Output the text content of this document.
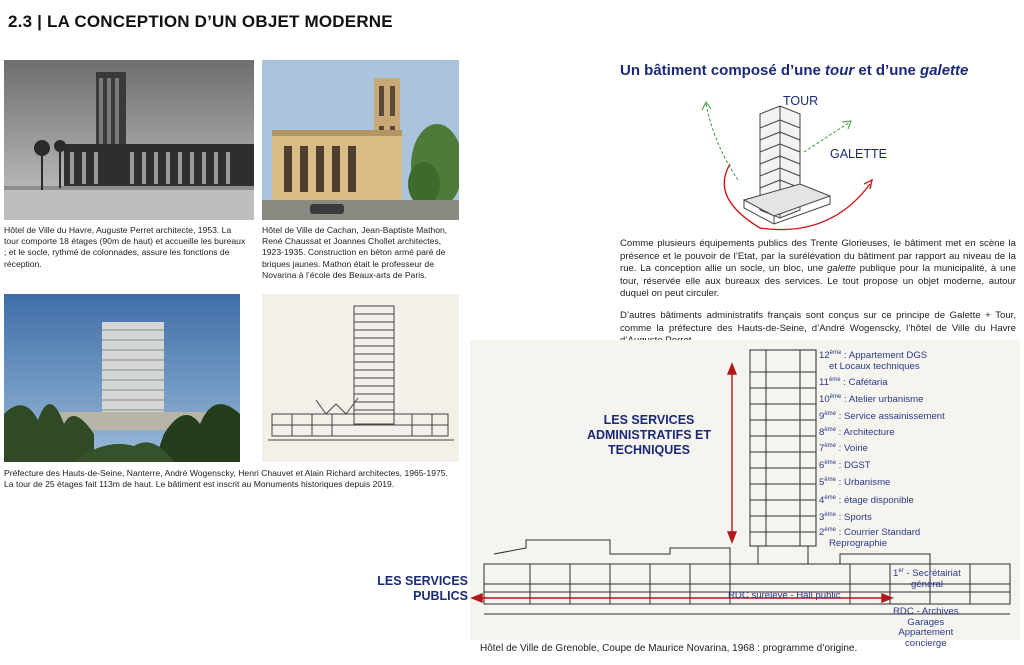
2.3 | LA CONCEPTION D’UN OBJET MODERNE
Hôtel de Ville du Havre, Auguste Perret architecte, 1953. La tour comporte 18 étages (90m de haut) et accueille les bureaux ; et le socle, rythmé de colonnades, assure les fonctions de réception.
Hôtel de Ville de Cachan, Jean-Baptiste Mathon, René Chaussat et Joannes Chollet architectes, 1923-1935. Construction en béton armé paré de briques jaunes. Mathon était le professeur de Novarina à l’école des Beaux-arts de Paris.
Préfecture des Hauts-de-Seine, Nanterre, André Wogenscky, Henri Chauvet et Alain Richard architectes, 1965-1975. La tour de 25 étages fait 113m de haut. Le bâtiment est inscrit au Monuments historiques depuis 2019.
Un bâtiment composé d’une tour et d’une galette
TOUR
GALETTE
Comme plusieurs équipements publics des Trente Glorieuses, le bâtiment met en scène la présence et le pouvoir de l’Etat, par la surélévation du bâtiment par rapport au niveau de la rue. La conception allie un socle, un bloc, une galette publique pour la municipalité, à une tour, réservée elle aux bureaux des services. Le tout propose un objet moderne, autour duquel on peut circuler.
D’autres bâtiments administratifs français sont conçus sur ce principe de Galette + Tour, comme la préfecture des Hauts-de-Seine, d’André Wogenscky, l’hôtel de Ville du Havre
LES SERVICES
ADMINISTRATIFS ET
TECHNIQUES
LES SERVICES
PUBLICS
12ème : Appartement DGS
et Locaux techniques
11ème : Cafétaria
10ème : Atelier urbanisme
9ème : Service assainissement
8ème : Architecture
7ème : Voirie
6ème : DGST
5ème : Urbanisme
4ème : étage disponible
3ème : Sports
2ème : Courrier Standard
Reprographie
1er - Secrétairiat
général
RDC surélevé - Hall public
RDC - Archives
Garages
Appartement
concierge
Hôtel de Ville de Grenoble, Coupe de Maurice Novarina, 1968 : programme d’origine.
